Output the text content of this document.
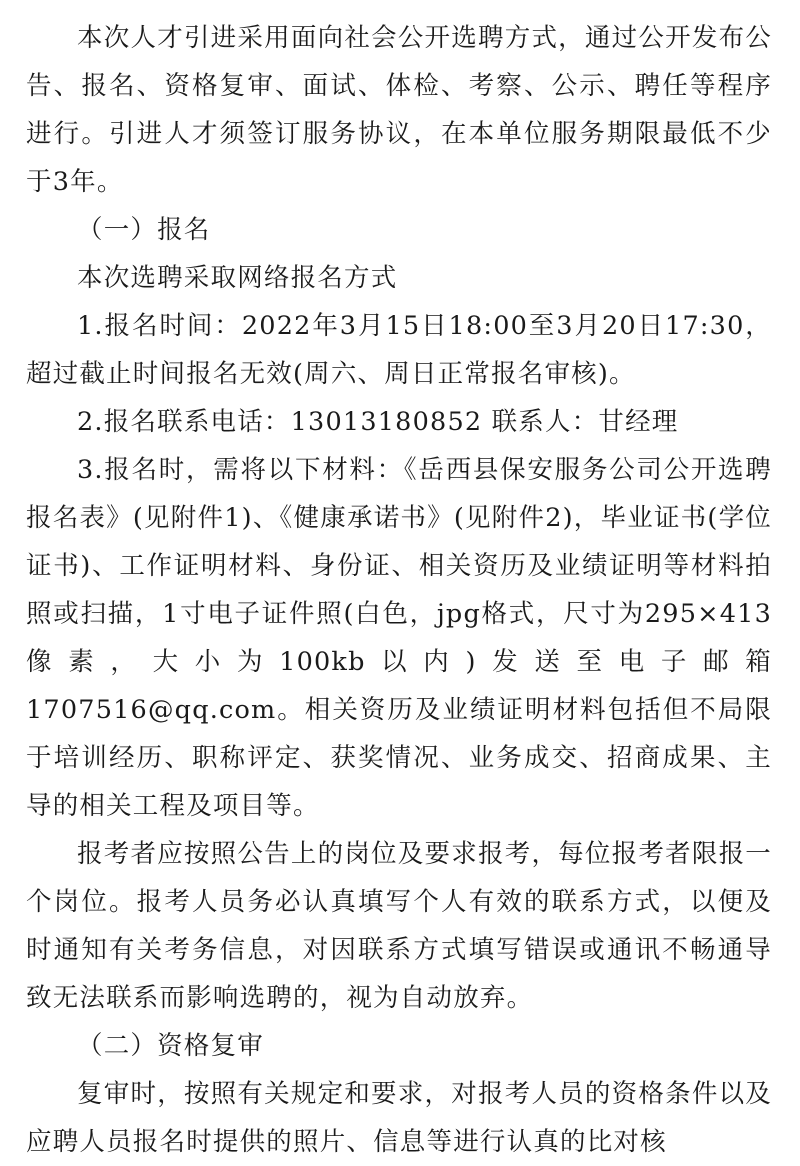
本次人才引进采用面向社会公开选聘方式，通过公开发布公告、报名、资格复审、面试、体检、考察、公示、聘任等程序进行。引进人才须签订服务协议，在本单位服务期限最低不少于3年。

（一）报名

本次选聘采取网络报名方式

1.报名时间：2022年3月15日18:00至3月20日17:30，超过截止时间报名无效(周六、周日正常报名审核)。

2.报名联系电话：13013180852 联系人：甘经理

3.报名时，需将以下材料：《岳西县保安服务公司公开选聘报名表》(见附件1)、《健康承诺书》(见附件2)，毕业证书(学位证书)、工作证明材料、身份证、相关资历及业绩证明等材料拍照或扫描，1寸电子证件照(白色，jpg格式，尺寸为295×413像素，大小为100kb以内)发送至电子邮箱1707516@qq.com。相关资历及业绩证明材料包括但不局限于培训经历、职称评定、获奖情况、业务成交、招商成果、主导的相关工程及项目等。

报考者应按照公告上的岗位及要求报考，每位报考者限报一个岗位。报考人员务必认真填写个人有效的联系方式，以便及时通知有关考务信息，对因联系方式填写错误或通讯不畅通导致无法联系而影响选聘的，视为自动放弃。

（二）资格复审

复审时，按照有关规定和要求，对报考人员的资格条件以及应聘人员报名时提供的照片、信息等进行认真的比对核
